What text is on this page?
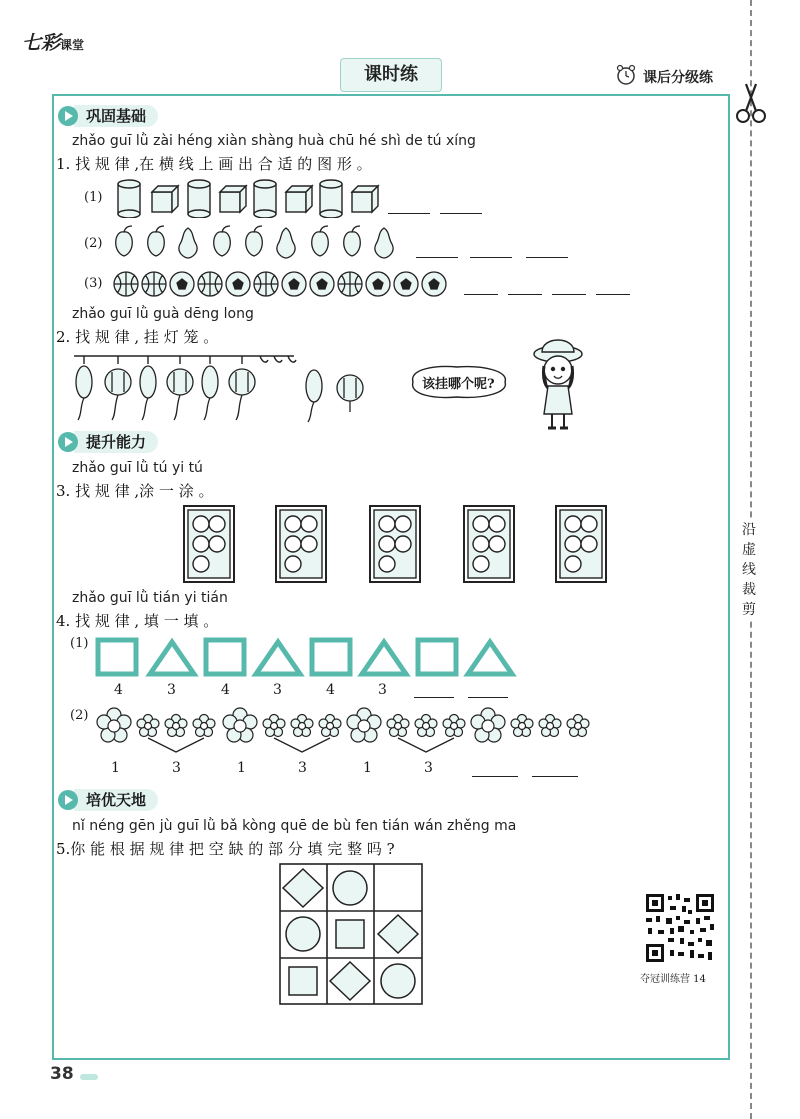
七彩课堂
课时练	课后分级练
沿
虚
线
裁
剪
巩固基础
zhǎo guī lǜ zài héng xiàn shàng huà chū hé shì de tú xíng
1. 找 规 律 ,在 横 线 上 画 出 合 适 的 图 形 。
(1)
(2)
(3)
zhǎo guī lǜ guà dēng long
2. 找 规 律 , 挂 灯 笼 。
该挂哪个呢?
提升能力
zhǎo guī lǜ tú yi tú
3. 找 规 律 ,涂 一 涂 。
zhǎo guī lǜ tián yi tián
4. 找 规 律 , 填 一 填 。
(1)
4	3	4	3	4	3
(2)
1	3	1	3	1	3
培优天地
nǐ néng gēn jù guī lǜ bǎ kòng quē de bù fen tián wán zhěng ma
5.你 能 根 据 规 律 把 空 缺 的 部 分 填 完 整 吗 ?
夺冠训练营 14
38
